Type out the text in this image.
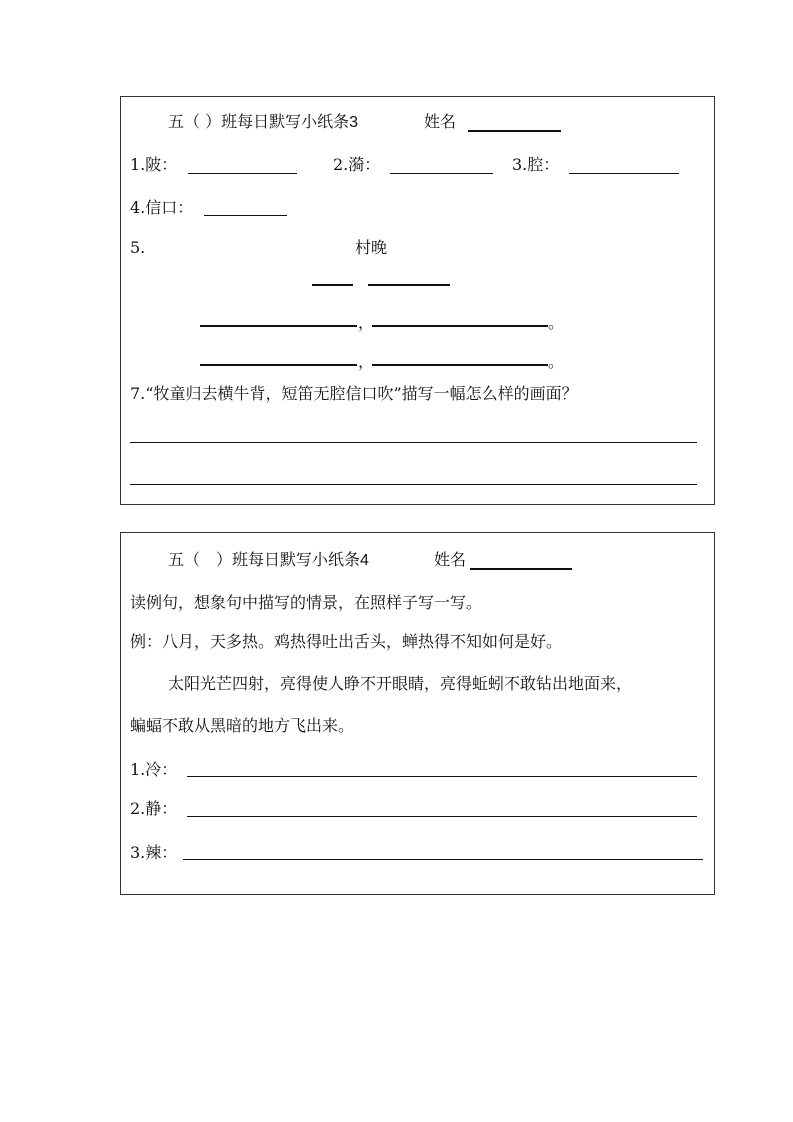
五（ ）班每日默写小纸条3	姓名
1.陂：	2.漪：	3.腔：
4.信口：
5.	村晚
，	。
，	。
7.“牧童归去横牛背，短笛无腔信口吹”描写一幅怎么样的画面？
五（　）班每日默写小纸条4	姓名
读例句，想象句中描写的情景，在照样子写一写。
例：八月，天多热。鸡热得吐出舌头，蝉热得不知如何是好。
太阳光芒四射，亮得使人睁不开眼睛，亮得蚯蚓不敢钻出地面来，
蝙蝠不敢从黑暗的地方飞出来。
1.冷：
2.静：
3.辣：
